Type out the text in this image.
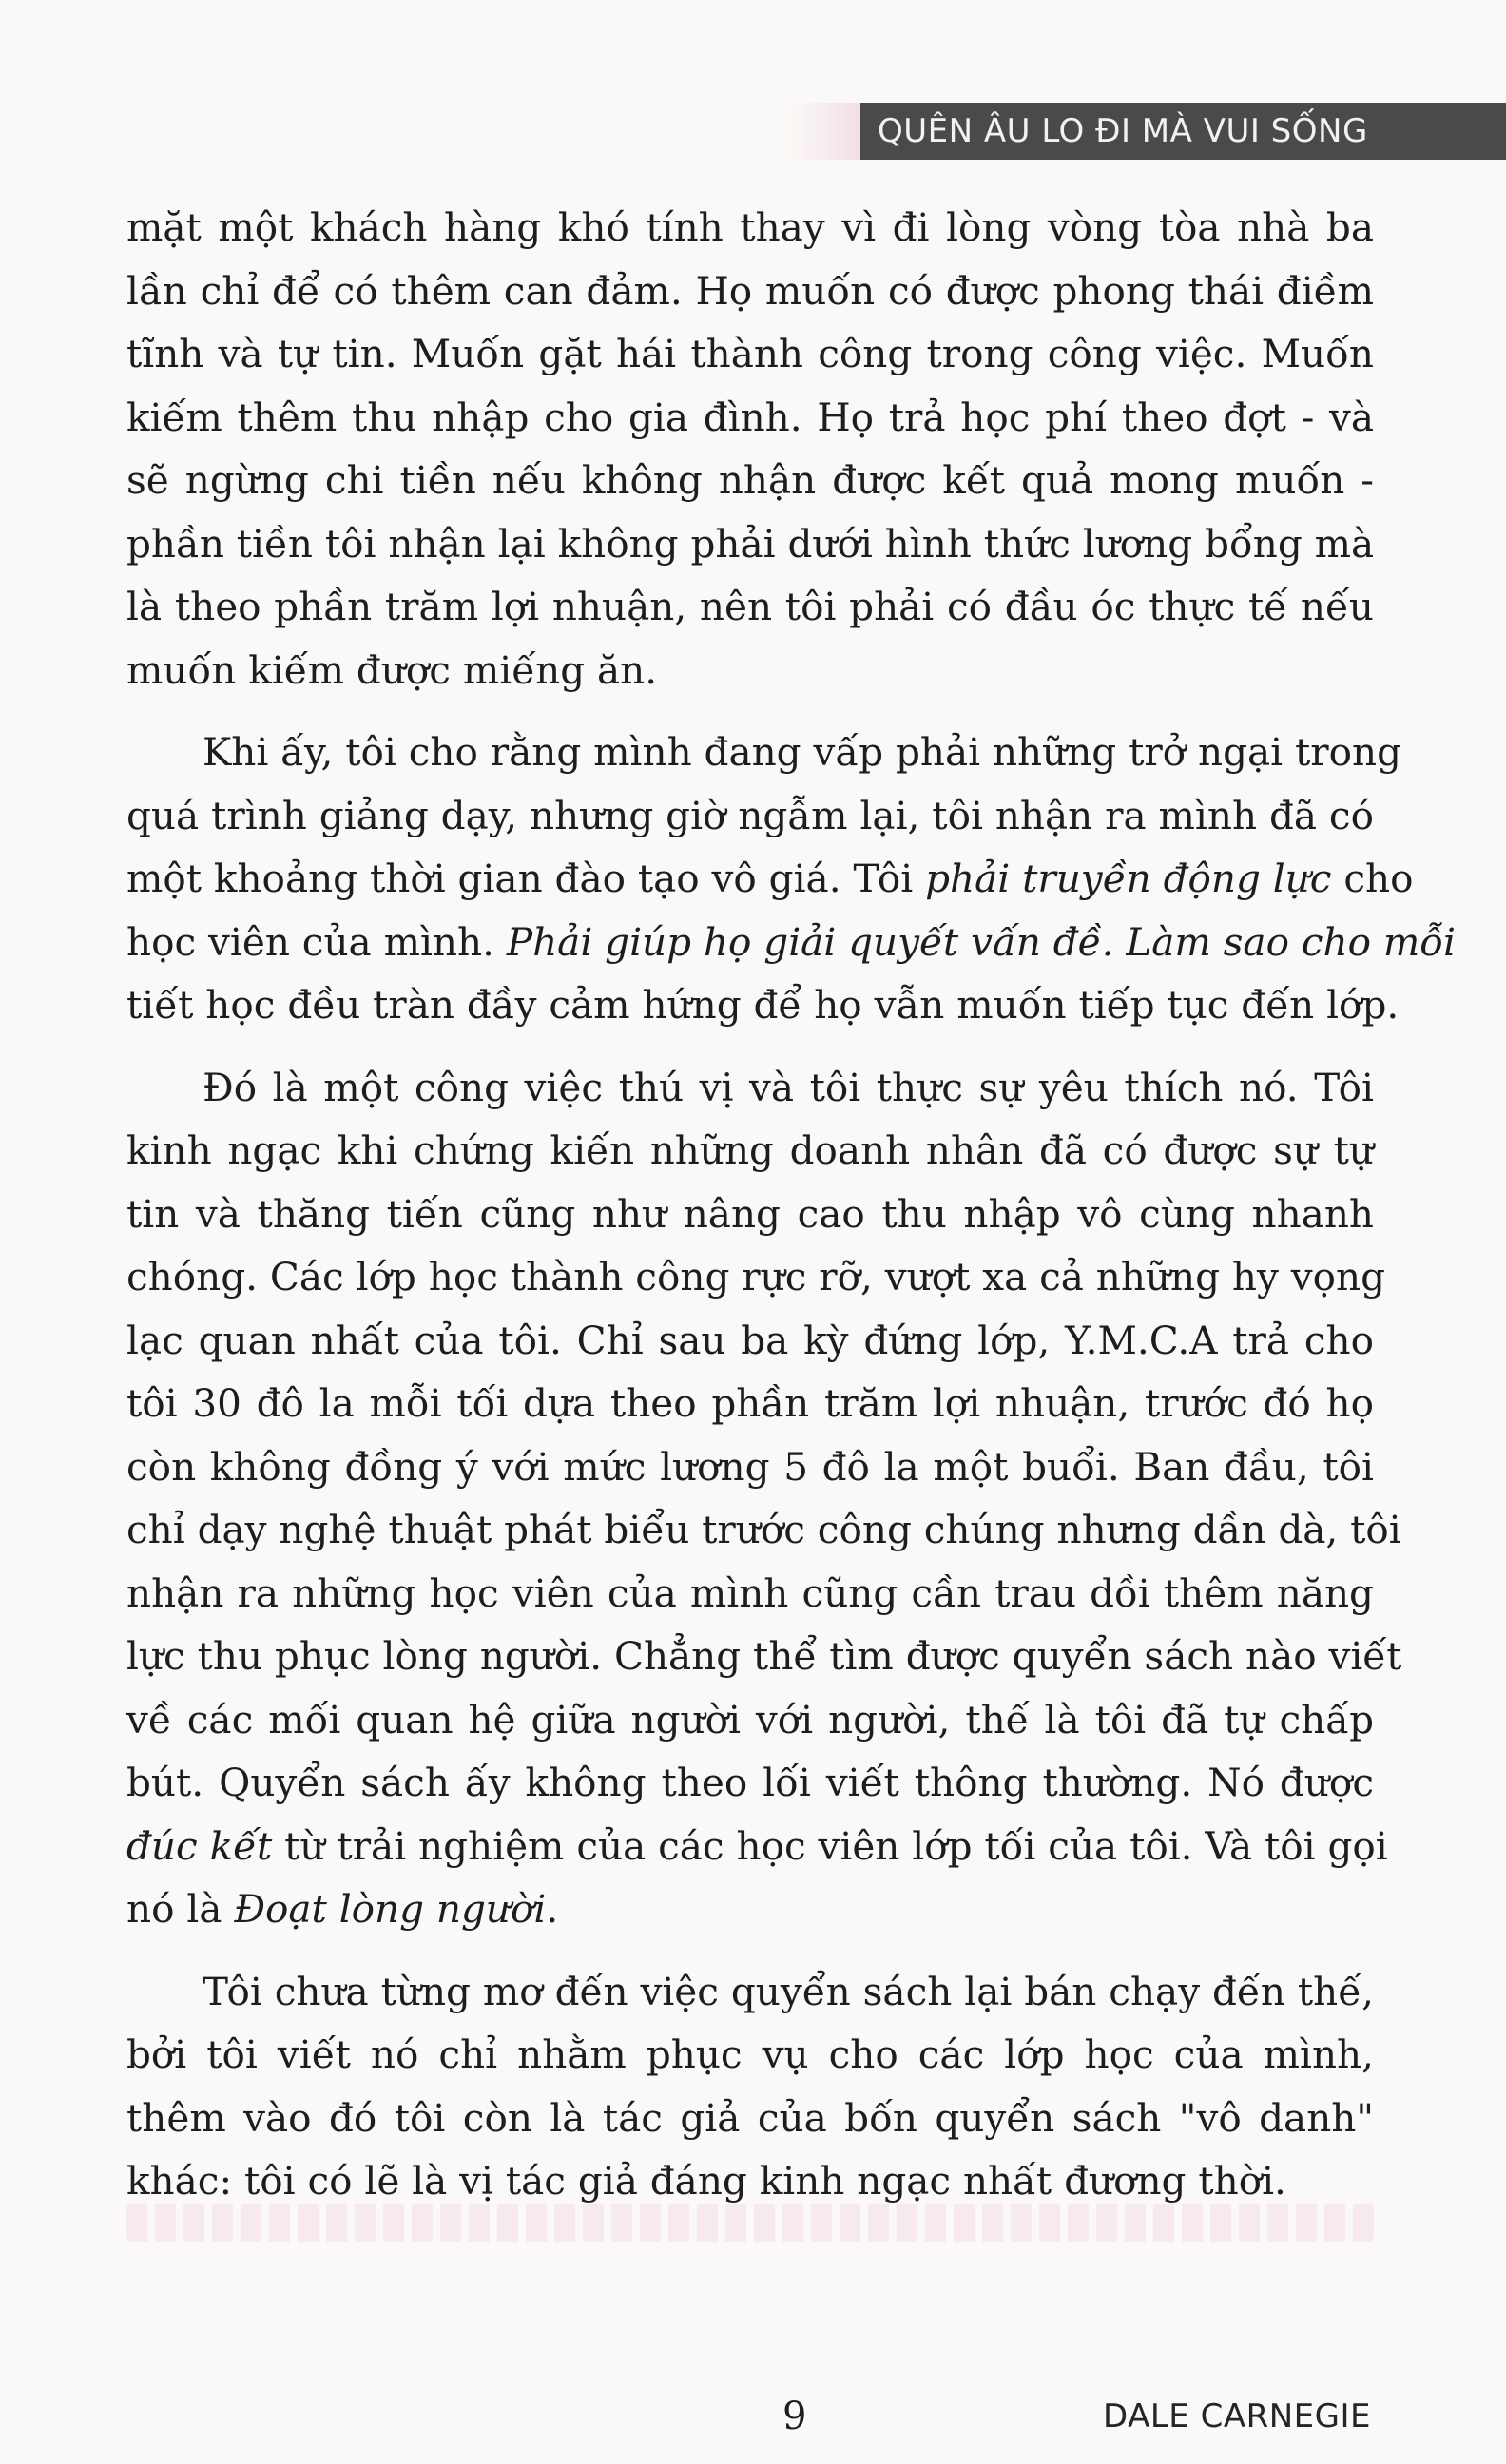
QUÊN ÂU LO ĐI MÀ VUI SỐNG

mặt một khách hàng khó tính thay vì đi lòng vòng tòa nhà ba
lần chỉ để có thêm can đảm. Họ muốn có được phong thái điềm
tĩnh và tự tin. Muốn gặt hái thành công trong công việc. Muốn
kiếm thêm thu nhập cho gia đình. Họ trả học phí theo đợt - và
sẽ ngừng chi tiền nếu không nhận được kết quả mong muốn -
phần tiền tôi nhận lại không phải dưới hình thức lương bổng mà
là theo phần trăm lợi nhuận, nên tôi phải có đầu óc thực tế nếu
muốn kiếm được miếng ăn.

Khi ấy, tôi cho rằng mình đang vấp phải những trở ngại trong
quá trình giảng dạy, nhưng giờ ngẫm lại, tôi nhận ra mình đã có
một khoảng thời gian đào tạo vô giá. Tôi phải truyền động lực cho
học viên của mình. Phải giúp họ giải quyết vấn đề. Làm sao cho mỗi
tiết học đều tràn đầy cảm hứng để họ vẫn muốn tiếp tục đến lớp.

Đó là một công việc thú vị và tôi thực sự yêu thích nó. Tôi
kinh ngạc khi chứng kiến những doanh nhân đã có được sự tự
tin và thăng tiến cũng như nâng cao thu nhập vô cùng nhanh
chóng. Các lớp học thành công rực rỡ, vượt xa cả những hy vọng
lạc quan nhất của tôi. Chỉ sau ba kỳ đứng lớp, Y.M.C.A trả cho
tôi 30 đô la mỗi tối dựa theo phần trăm lợi nhuận, trước đó họ
còn không đồng ý với mức lương 5 đô la một buổi. Ban đầu, tôi
chỉ dạy nghệ thuật phát biểu trước công chúng nhưng dần dà, tôi
nhận ra những học viên của mình cũng cần trau dồi thêm năng
lực thu phục lòng người. Chẳng thể tìm được quyển sách nào viết
về các mối quan hệ giữa người với người, thế là tôi đã tự chấp
bút. Quyển sách ấy không theo lối viết thông thường. Nó được
đúc kết từ trải nghiệm của các học viên lớp tối của tôi. Và tôi gọi
nó là Đoạt lòng người.

Tôi chưa từng mơ đến việc quyển sách lại bán chạy đến thế,
bởi tôi viết nó chỉ nhằm phục vụ cho các lớp học của mình,
thêm vào đó tôi còn là tác giả của bốn quyển sách "vô danh"
khác: tôi có lẽ là vị tác giả đáng kinh ngạc nhất đương thời.

9	DALE CARNEGIE
